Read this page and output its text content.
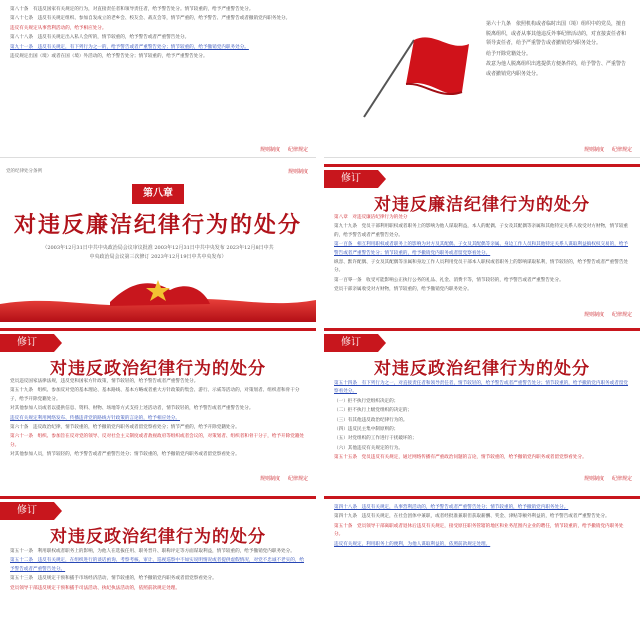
第八十条　有违反国家有关规定的行为，对直接责任者和领导责任者，给予警告处分。情节较重的，给予严重警告处分。

第八十七条　违反有关规定组织、参加自发成立的老乡会、校友会、战友会等，情节严重的，给予警告、严重警告或者撤销党内职务处分。

违反有关规定从事营利活动的，给予相应处分。

第八十八条　违反有关规定出入私人会所的，情节较重的，给予警告或者严重警告处分。

第九十一条　违反有关规定，有下列行为之一的，给予警告或者严重警告处分；情节较重的，给予撤销党内职务处分。

违反规定出国（境）或者在国（境）外活动的，给予警告处分；情节较重的，给予严重警告处分。

规则制度 纪律规定

第六十九条　依照机构或者临时出国（境）组织中的党员，擅自脱离组织，或者从事其他违反外事纪律活动的，对直接责任者和领导责任者，给予严重警告或者撤销党内职务处分。

给予开除党籍处分。

故意为他人脱离组织出逃提供方便条件的，给予警告、严重警告或者撤销党内职务处分。

规则制度 纪律规定
党的纪律处分条例	规则制度
第八章
对违反廉洁纪律行为的处分
（2003年12月31日中共中央政治局会议审议批准 2003年12月31日中共中央发布 2023年12月8日中共中央政治局会议第三次修订 2023年12月19日中共中央发布）
修订
对违反廉洁纪律行为的处分

第八章　对违反廉洁纪律行为的处分

第九十九条　党员干部利用职权或者职务上的影响为他人谋取利益，本人的配偶、子女及其配偶等亲属和其他特定关系人收受对方财物，情节较重的，给予警告或者严重警告处分。

第一百条　相互利用职权或者职务上的影响为对方及其配偶、子女及其配偶等亲属、身边工作人员和其他特定关系人谋取利益搞权权交易的，给予警告或者严重警告处分；情节较重的，给予撤销党内职务或者留党察看处分。

纵容、默许配偶、子女及其配偶等亲属和身边工作人员利用党员干部本人职权或者职务上的影响谋取私利，情节较轻的，给予警告或者严重警告处分。

第一百零一条　收受可能影响公正执行公务的礼品、礼金、消费卡等，情节较轻的，给予警告或者严重警告处分。

党员干部亲属收受对方财物，情节较重的，给予撤销党内职务处分。

规则制度 纪律规定
修订
对违反政治纪律行为的处分

党员违反国家法律法规，违反党和国家方针政策，情节较轻的，给予警告或者严重警告处分。

第五十九条　组织、参加反对党的基本理论、基本路线、基本方略或者重大方针政策的集会、游行、示威等活动的，对策划者、组织者和骨干分子，给予开除党籍处分。

对其他参加人员或者以提供信息、资料、财物、场地等方式支持上述活动者，情节较轻的，给予警告或者严重警告处分。

违反有关规定利用网络发布、传播违背党的路线方针政策的言论的，给予相应处分。

第六十条　违反政治纪律，情节较重的，给予撤销党内职务或者留党察看处分；情节严重的，给予开除党籍处分。

第六十一条　组织、参加旨在反对党的领导、反对社会主义制度或者敌视政府等组织或者会议的，对策划者、组织者和骨干分子，给予开除党籍处分。

对其他参加人员，情节较轻的，给予警告或者严重警告处分；情节较重的，给予撤销党内职务或者留党察看处分。

规则制度 纪律规定
修订
对违反政治纪律行为的处分

第五十四条　有下列行为之一，对直接责任者和领导责任者，情节较轻的，给予警告或者严重警告处分；情节较重的，给予撤销党内职务或者留党察看处分。

（一）拒不执行党组织决定的；

（二）拒不执行上级党组织的决定的；

（三）有其他违反政治纪律行为的。

（四）违反民主集中制原则的；

（五）对党组织的工作进行干扰破坏的；

（六）其他违反有关规定的行为。

第五十五条　党员违反有关规定，通过网络传播有严重政治问题的言论，情节较重的，给予撤销党内职务或者留党察看处分。

规则制度 纪律规定
修订
对违反政治纪律行为的处分

第五十一条　利用职权或者职务上的影响，为他人在选拔任用、职务晋升、职称评定等方面谋取利益，情节较重的，给予撤销党内职务处分。

第五十二条　违反有关规定，在组织进行的谈话函询、考察考核、审计、巡视巡察中不如实说明情况或者提供虚假情况，对党不忠诚不老实的，给予警告或者严重警告处分。

第五十三条　违反规定干预和插手市场经济活动，情节较重的，给予撤销党内职务或者留党察看处分。

党员领导干部违反规定干预和插手司法活动、执纪执法活动的，依照前款规定处理。

第四十八条　违反有关规定，从事营利活动的，给予警告或者严重警告处分；情节较重的，给予撤销党内职务处分。

第四十九条　违反有关规定，在社会团体中兼职，或者经批准兼职但获取薪酬、奖金、津贴等额外利益的，给予警告或者严重警告处分。

第五十条　党员领导干部离职或者退休后违反有关规定，接受原任职务管辖的地区和业务范围内企业的聘任，情节较重的，给予撤销党内职务处分。

违反有关规定，利用职务上的便利，为他人谋取利益的，依照前款规定处理。
